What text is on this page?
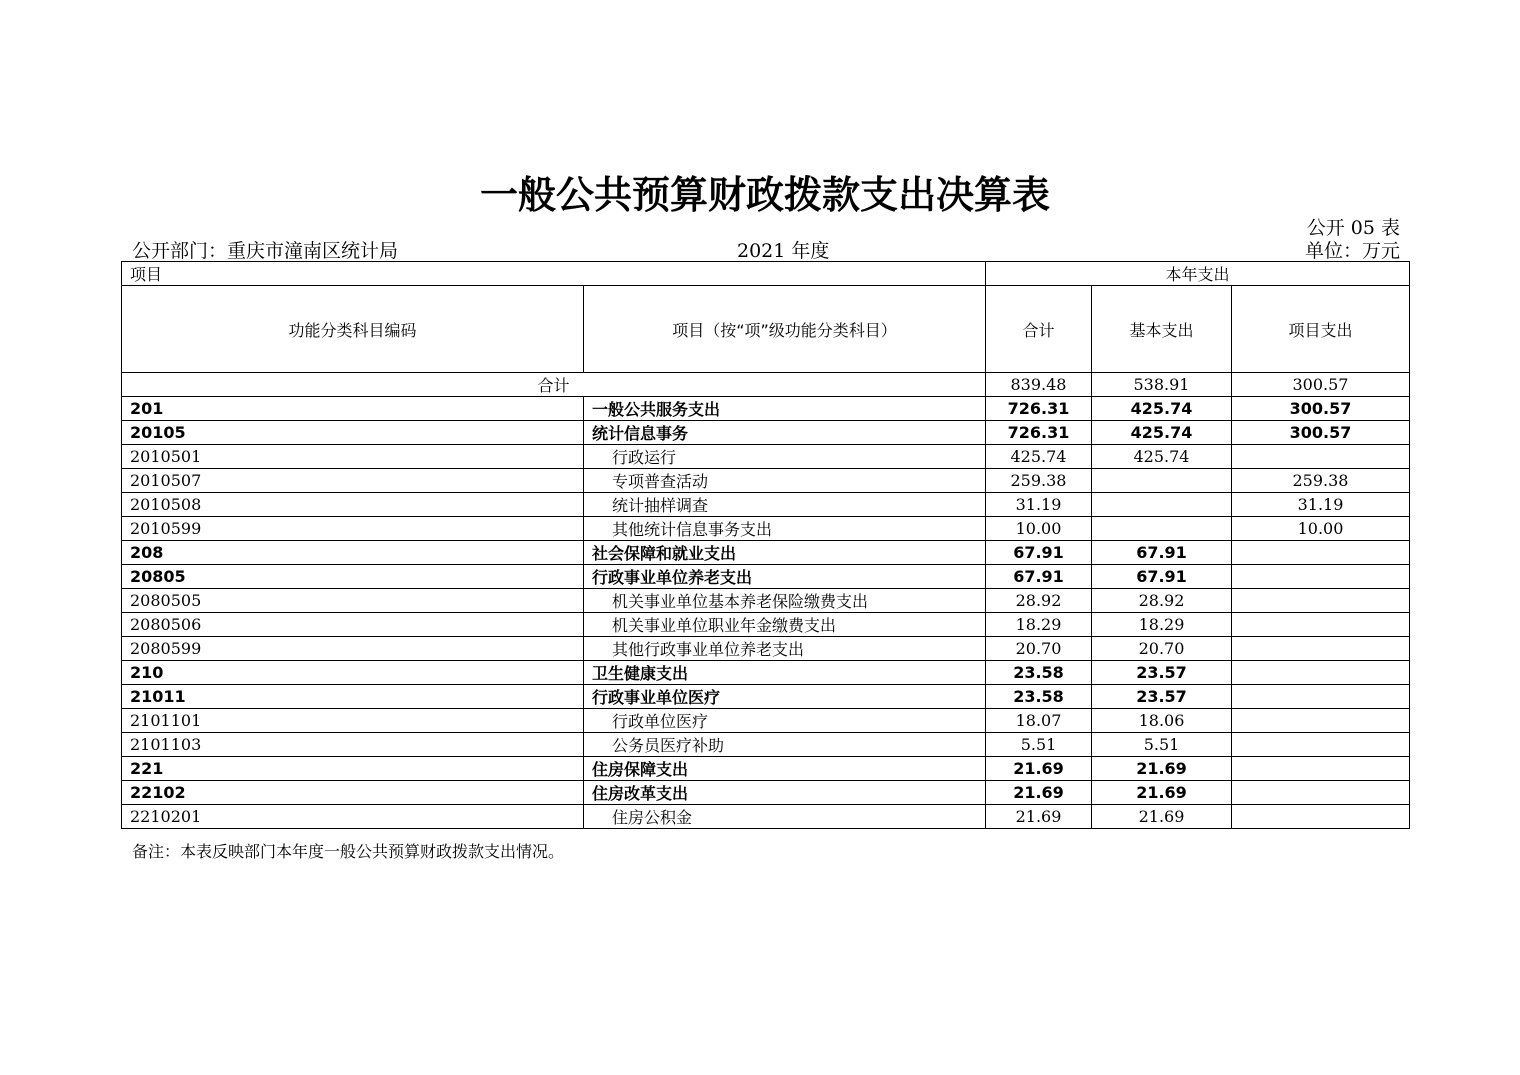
一般公共预算财政拨款支出决算表
公开 05 表
公开部门：重庆市潼南区统计局	2021 年度	单位：万元
项目		本年支出		
功能分类科目编码	项目（按“项”级功能分类科目）	合计	基本支出	项目支出
合计		839.48	538.91	300.57
201	一般公共服务支出	726.31	425.74	300.57
20105	统计信息事务	726.31	425.74	300.57
2010501	行政运行	425.74	425.74	
2010507	专项普查活动	259.38		259.38
2010508	统计抽样调查	31.19		31.19
2010599	其他统计信息事务支出	10.00		10.00
208	社会保障和就业支出	67.91	67.91	
20805	行政事业单位养老支出	67.91	67.91	
2080505	机关事业单位基本养老保险缴费支出	28.92	28.92	
2080506	机关事业单位职业年金缴费支出	18.29	18.29	
2080599	其他行政事业单位养老支出	20.70	20.70	
210	卫生健康支出	23.58	23.57	
21011	行政事业单位医疗	23.58	23.57	
2101101	行政单位医疗	18.07	18.06	
2101103	公务员医疗补助	5.51	5.51	
221	住房保障支出	21.69	21.69	
22102	住房改革支出	21.69	21.69	
2210201	住房公积金	21.69	21.69	
备注：本表反映部门本年度一般公共预算财政拨款支出情况。
